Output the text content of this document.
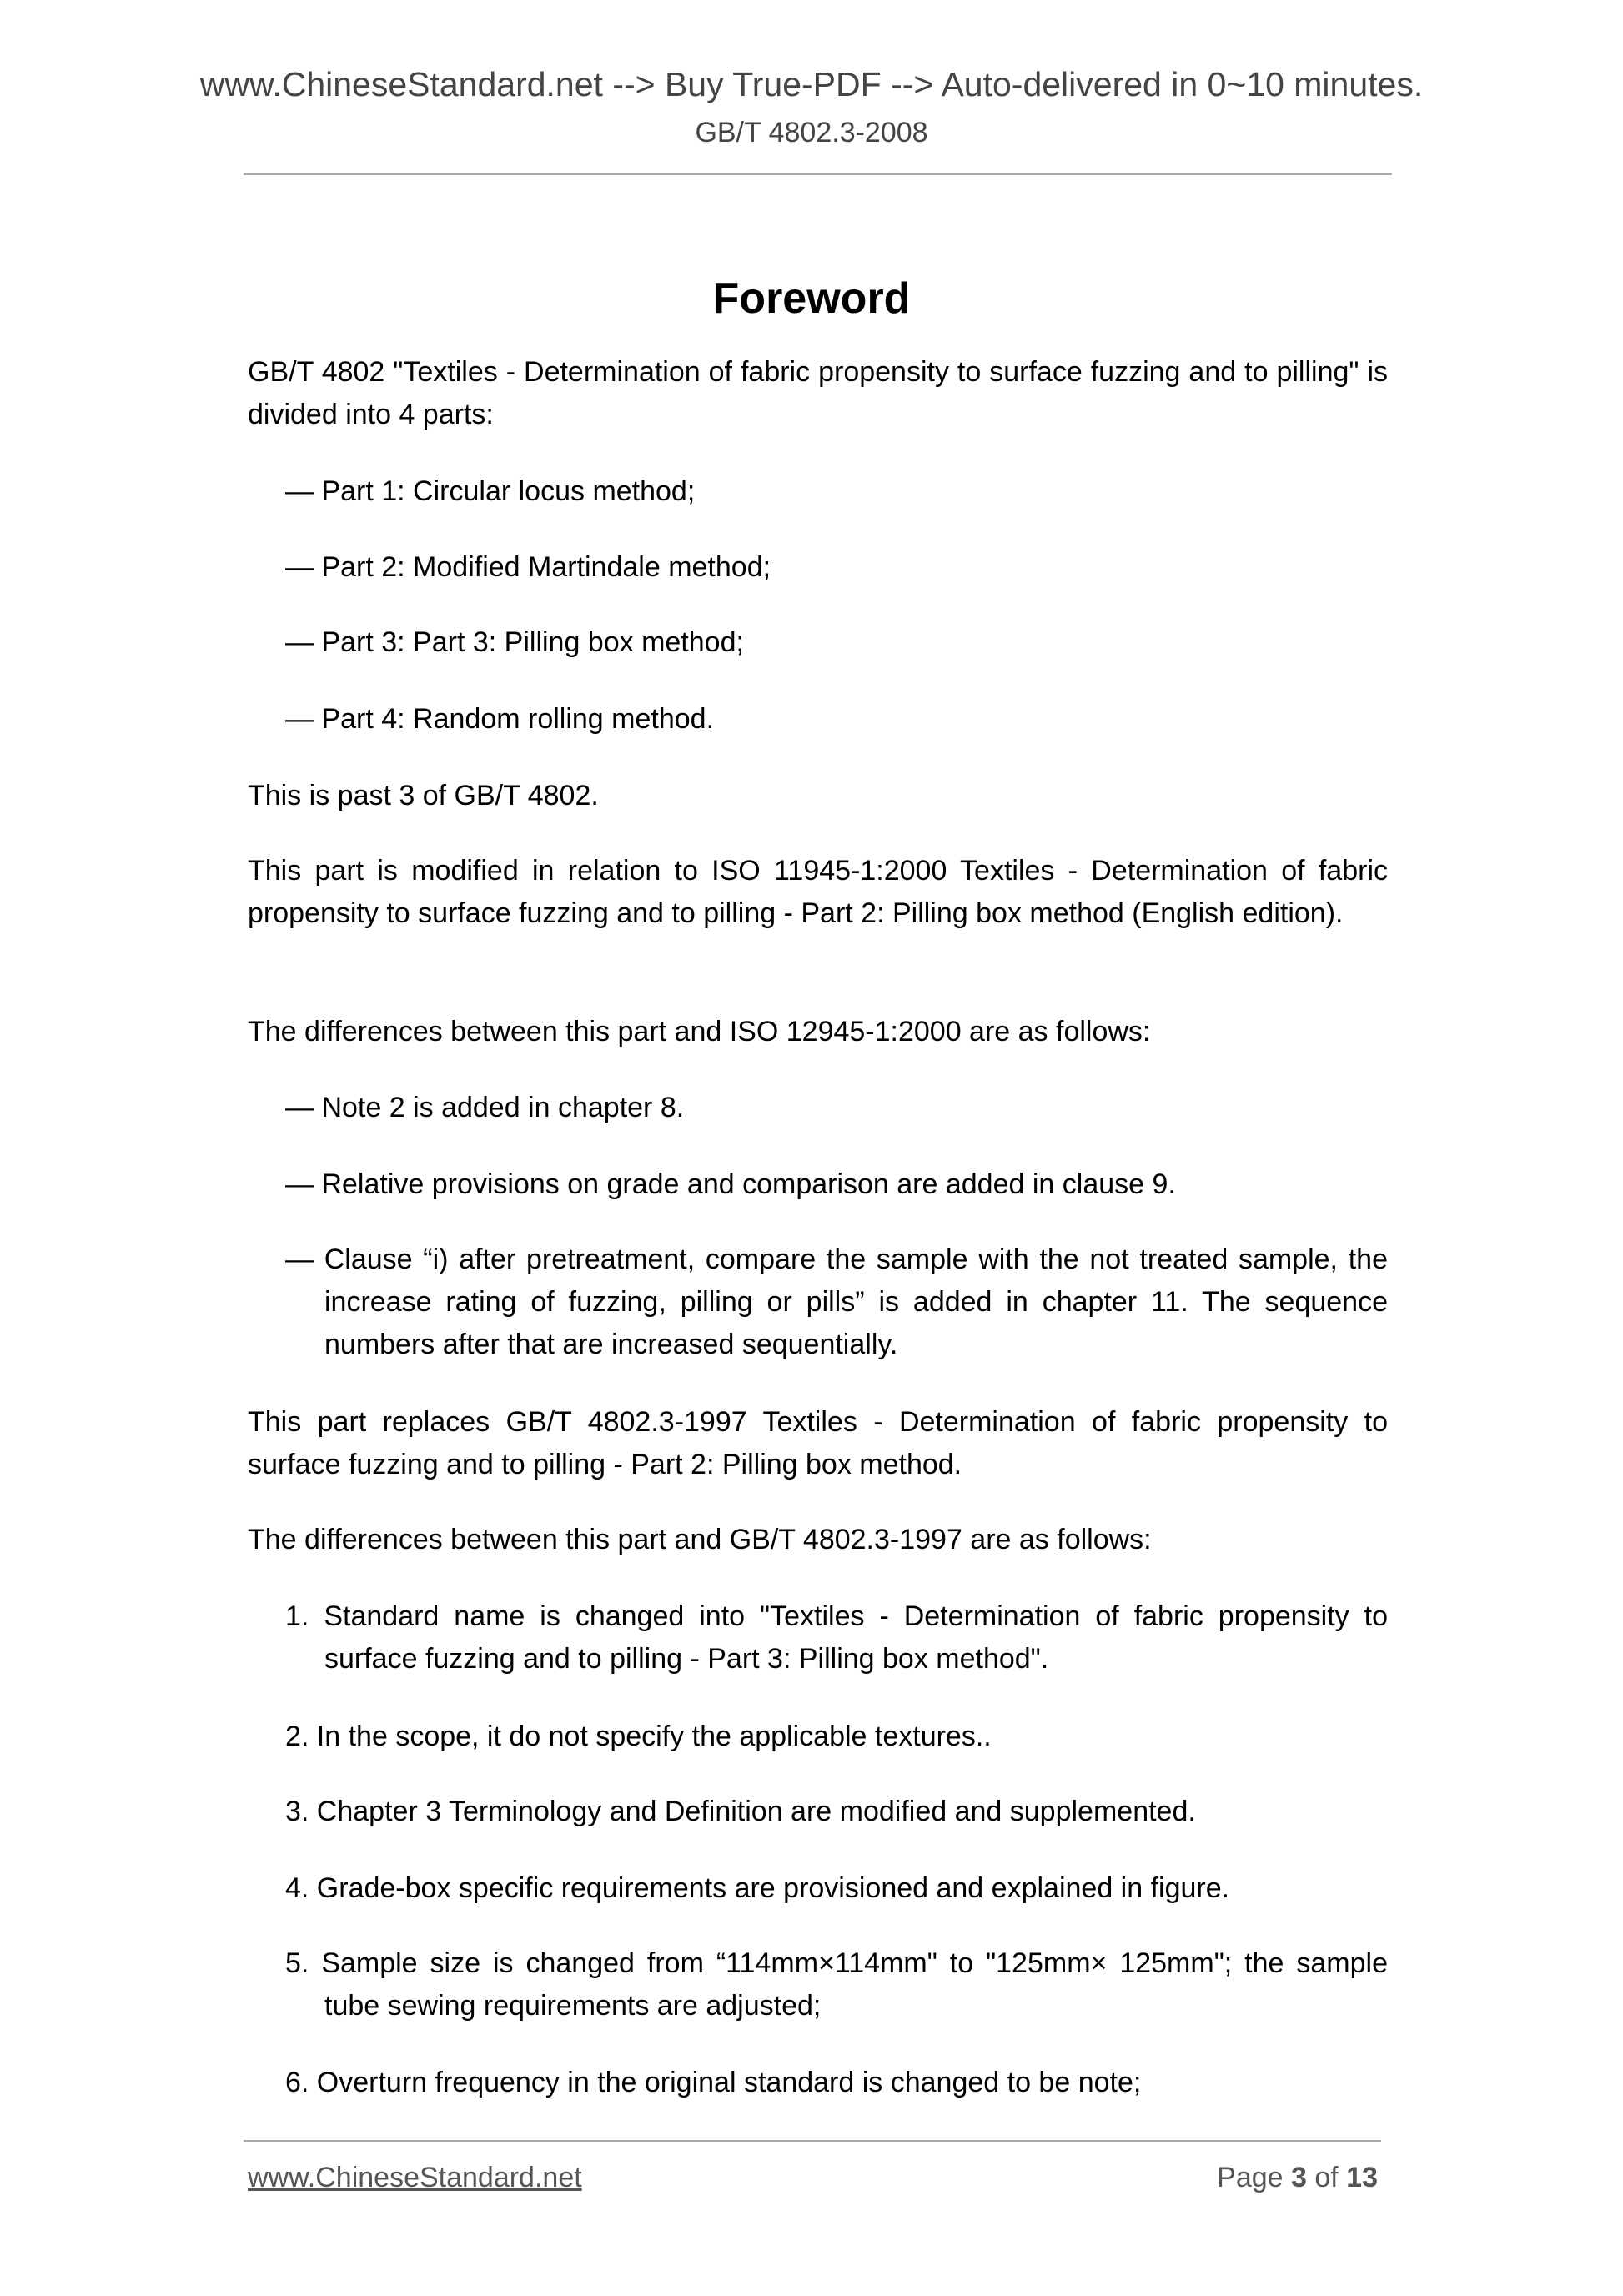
www.ChineseStandard.net --> Buy True-PDF --> Auto-delivered in 0~10 minutes.
GB/T 4802.3-2008
Foreword
GB/T 4802 "Textiles - Determination of fabric propensity to surface fuzzing and to pilling" is divided into 4 parts:
— Part 1: Circular locus method;
— Part 2: Modified Martindale method;
— Part 3: Part 3: Pilling box method;
— Part 4: Random rolling method.
This is past 3 of GB/T 4802.
This part is modified in relation to ISO 11945-1:2000 Textiles - Determination of fabric propensity to surface fuzzing and to pilling - Part 2: Pilling box method (English edition).
The differences between this part and ISO 12945-1:2000 are as follows:
— Note 2 is added in chapter 8.
— Relative provisions on grade and comparison are added in clause 9.
— Clause “i) after pretreatment, compare the sample with the not treated sample, the increase rating of fuzzing, pilling or pills” is added in chapter 11. The sequence numbers after that are increased sequentially.
This part replaces GB/T 4802.3-1997 Textiles - Determination of fabric propensity to surface fuzzing and to pilling - Part 2: Pilling box method.
The differences between this part and GB/T 4802.3-1997 are as follows:
1. Standard name is changed into "Textiles - Determination of fabric propensity to surface fuzzing and to pilling - Part 3: Pilling box method".
2. In the scope, it do not specify the applicable textures..
3. Chapter 3 Terminology and Definition are modified and supplemented.
4. Grade-box specific requirements are provisioned and explained in figure.
5. Sample size is changed from “114mm×114mm" to "125mm× 125mm"; the sample tube sewing requirements are adjusted;
6. Overturn frequency in the original standard is changed to be note;
www.ChineseStandard.net	Page 3 of 13
